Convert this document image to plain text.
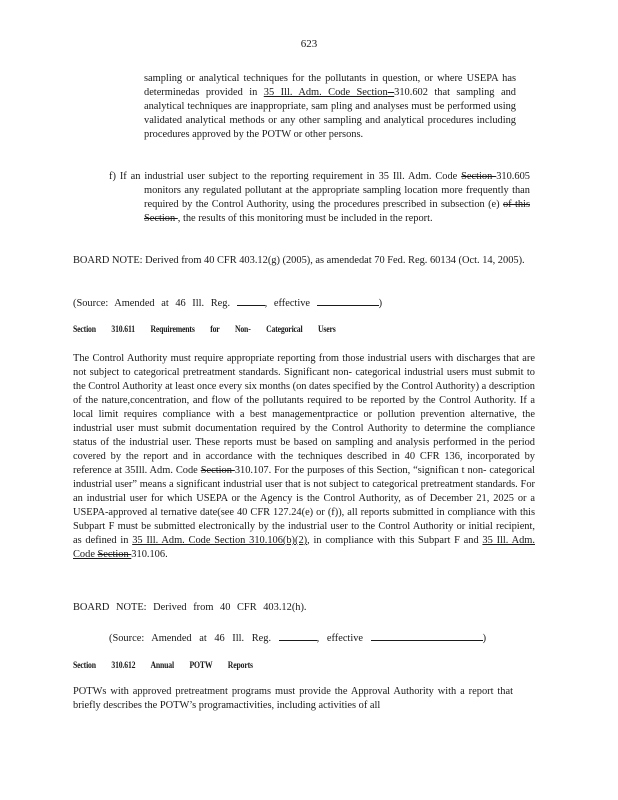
623
sampling or analytical techniques for the pollutants in question, or where USEPA has determinedas provided in 35 Ill. Adm. Code Section 310.602 that sampling and analytical techniques are inappropriate, sam pling and analyses must be performed using validated analytical methods or any other sampling and analytical procedures including procedures approved by the POTW or other persons.
f) If an industrial user subject to the reporting requirement in 35 Ill. Adm. Code Section 310.605 monitors any regulated pollutant at the appropriate sampling location more frequently than required by the Control Authority, using the procedures prescribed in subsection (e) of this Section , the results of this monitoring must be included in the report.
BOARD NOTE: Derived from 40 CFR 403.12(g) (2005), as amendedat 70 Fed. Reg. 60134 (Oct. 14, 2005).
(Source: Amended at 46 Ill. Reg.	, effective	)
Section 310.611 Requirements for Non- Categorical Users
The Control Authority must require appropriate reporting from those industrial users with discharges that are not subject to categorical pretreatment standards. Significant non- categorical industrial users must submit to the Control Authority at least once every six months (on dates specified by the Control Authority) a description of the nature,concentration, and flow of the pollutants required to be reported by the Control Authority. If a local limit requires compliance with a best managementpractice or pollution prevention alternative, the industrial user must submit documentation required by the Control Authority to determine the compliance status of the industrial user. These reports must be based on sampling and analysis performed in the period covered by the report and in accordance with the techniques described in 40 CFR 136, incorporated by reference at 35Ill. Adm. Code Section 310.107. For the purposes of this Section, “significan t non- categorical industrial user” means a significant industrial user that is not subject to categorical pretreatment standards. For an industrial user for which USEPA or the Agency is the Control Authority, as of December 21, 2025 or a USEPA-approved al ternative date(see 40 CFR 127.24(e) or (f)), all reports submitted in compliance with this Subpart F must be submitted electronically by the industrial user to the Control Authority or initial recipient, as defined in 35 Ill. Adm. Code Section 310.106(b)(2), in compliance with this Subpart F and 35 Ill. Adm. Code Section 310.106.
BOARD NOTE: Derived from 40 CFR 403.12(h).
(Source: Amended at 46 Ill. Reg.	, effective	)
Section 310.612 Annual POTW Reports
POTWs with approved pretreatment programs must provide the Approval Authority with a report that briefly describes the POTW’s programactivities, including activities of all
